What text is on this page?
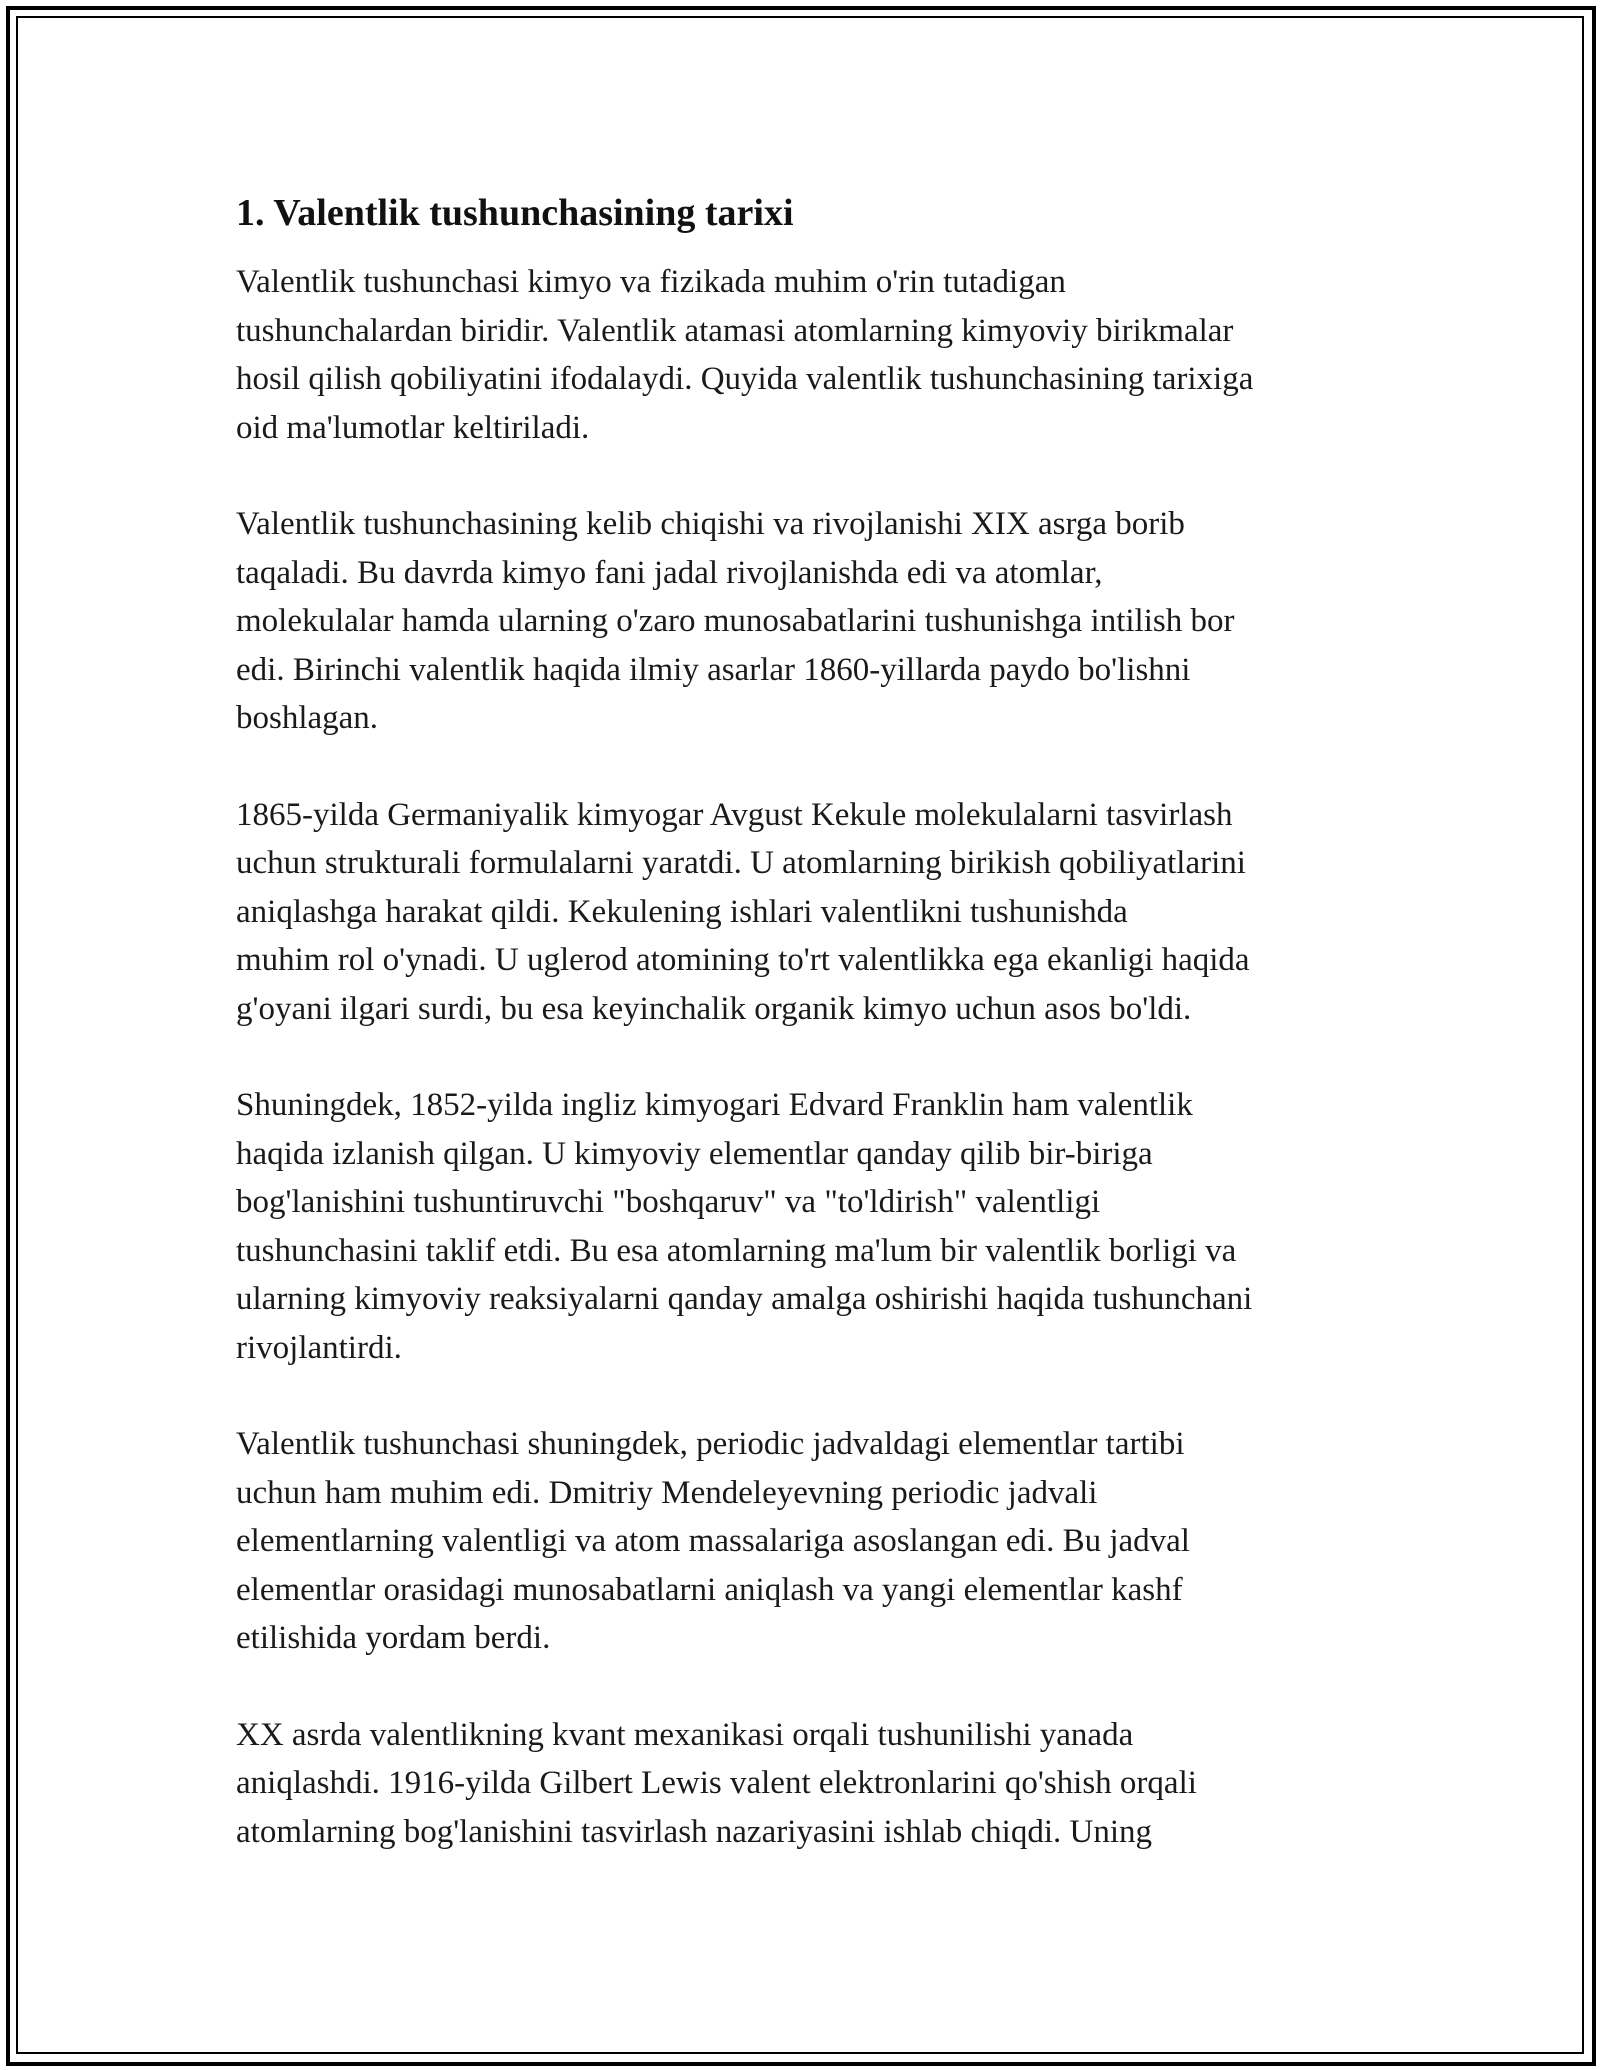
1. Valentlik tushunchasining tarixi

Valentlik tushunchasi kimyo va fizikada muhim o'rin tutadigan
tushunchalardan biridir. Valentlik atamasi atomlarning kimyoviy birikmalar
hosil qilish qobiliyatini ifodalaydi. Quyida valentlik tushunchasining tarixiga
oid ma'lumotlar keltiriladi.

Valentlik tushunchasining kelib chiqishi va rivojlanishi XIX asrga borib
taqaladi. Bu davrda kimyo fani jadal rivojlanishda edi va atomlar,
molekulalar hamda ularning o'zaro munosabatlarini tushunishga intilish bor
edi. Birinchi valentlik haqida ilmiy asarlar 1860-yillarda paydo bo'lishni
boshlagan.

1865-yilda Germaniyalik kimyogar Avgust Kekule molekulalarni tasvirlash
uchun strukturali formulalarni yaratdi. U atomlarning birikish qobiliyatlarini
aniqlashga harakat qildi. Kekulening ishlari valentlikni tushunishda
muhim rol o'ynadi. U uglerod atomining to'rt valentlikka ega ekanligi haqida
g'oyani ilgari surdi, bu esa keyinchalik organik kimyo uchun asos bo'ldi.

Shuningdek, 1852-yilda ingliz kimyogari Edvard Franklin ham valentlik
haqida izlanish qilgan. U kimyoviy elementlar qanday qilib bir-biriga
bog'lanishini tushuntiruvchi "boshqaruv" va "to'ldirish" valentligi
tushunchasini taklif etdi. Bu esa atomlarning ma'lum bir valentlik borligi va
ularning kimyoviy reaksiyalarni qanday amalga oshirishi haqida tushunchani
rivojlantirdi.

Valentlik tushunchasi shuningdek, periodic jadvaldagi elementlar tartibi
uchun ham muhim edi. Dmitriy Mendeleyevning periodic jadvali
elementlarning valentligi va atom massalariga asoslangan edi. Bu jadval
elementlar orasidagi munosabatlarni aniqlash va yangi elementlar kashf
etilishida yordam berdi.

XX asrda valentlikning kvant mexanikasi orqali tushunilishi yanada
aniqlashdi. 1916-yilda Gilbert Lewis valent elektronlarini qo'shish orqali
atomlarning bog'lanishini tasvirlash nazariyasini ishlab chiqdi. Uning
